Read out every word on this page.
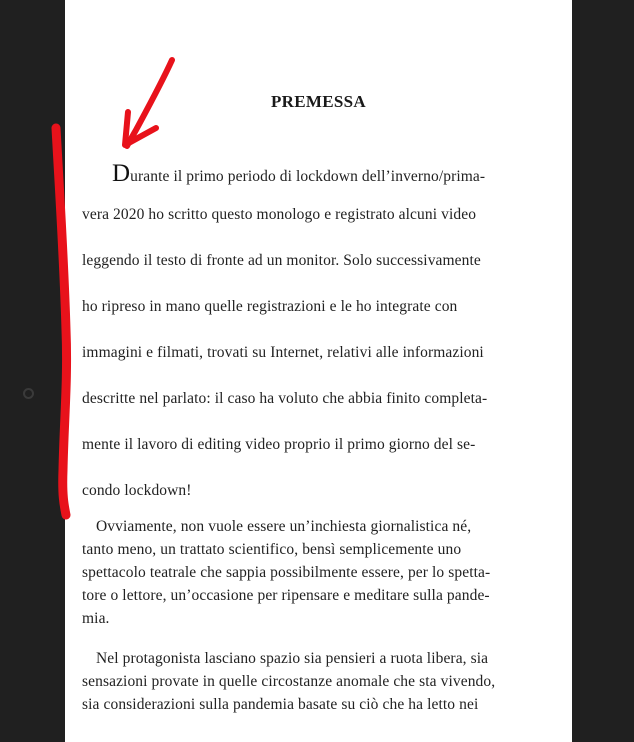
PREMESSA
Durante il primo periodo di lockdown dell’inverno/prima-
vera 2020 ho scritto questo monologo e registrato alcuni video
leggendo il testo di fronte ad un monitor. Solo successivamente
ho ripreso in mano quelle registrazioni e le ho integrate con
immagini e filmati, trovati su Internet, relativi alle informazioni
descritte nel parlato: il caso ha voluto che abbia finito completa-
mente il lavoro di editing video proprio il primo giorno del se-
condo lockdown!
Ovviamente, non vuole essere un’inchiesta giornalistica né,
tanto meno, un trattato scientifico, bensì semplicemente uno
spettacolo teatrale che sappia possibilmente essere, per lo spetta-
tore o lettore, un’occasione per ripensare e meditare sulla pande-
mia.
Nel protagonista lasciano spazio sia pensieri a ruota libera, sia
sensazioni provate in quelle circostanze anomale che sta vivendo,
sia considerazioni sulla pandemia basate su ciò che ha letto nei
